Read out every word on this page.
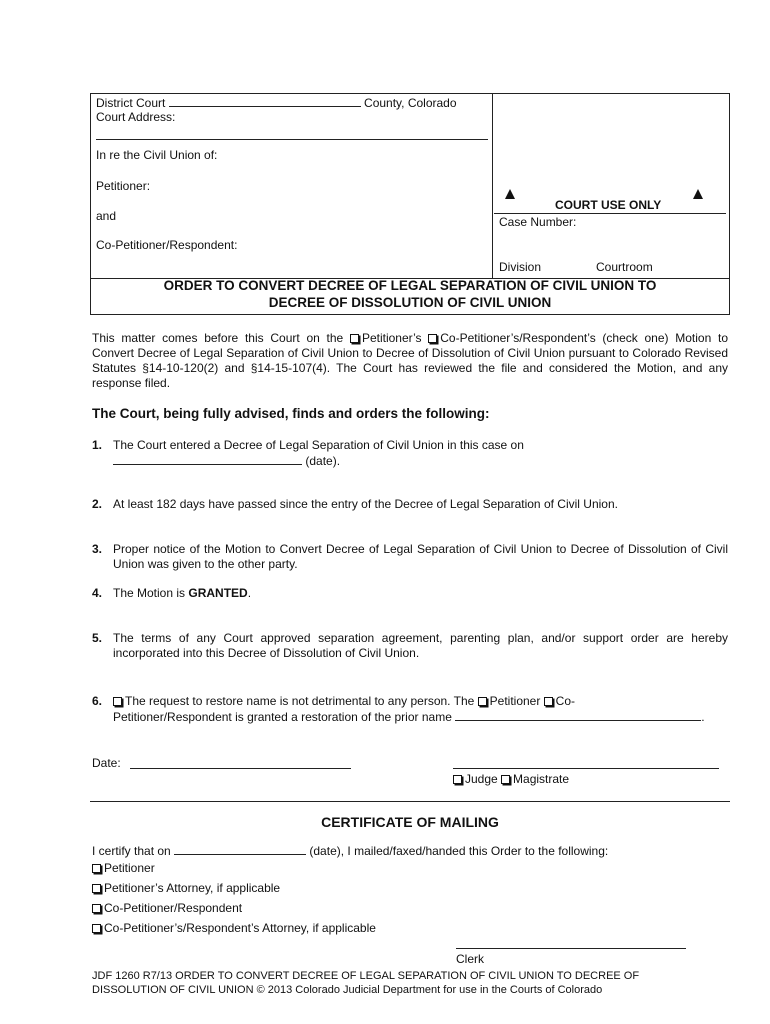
District Court	County, Colorado
Court Address:
In re the Civil Union of:
Petitioner:
and
Co-Petitioner/Respondent:
COURT USE ONLY
Case Number:
Division	Courtroom
ORDER TO CONVERT DECREE OF LEGAL SEPARATION OF CIVIL UNION TO
DECREE OF DISSOLUTION OF CIVIL UNION
This matter comes before this Court on the Petitioner’s Co-Petitioner’s/Respondent’s (check one) Motion to Convert Decree of Legal Separation of Civil Union to Decree of Dissolution of Civil Union pursuant to Colorado Revised Statutes §14-10-120(2) and §14-15-107(4). The Court has reviewed the file and considered the Motion, and any response filed.
The Court, being fully advised, finds and orders the following:
1. The Court entered a Decree of Legal Separation of Civil Union in this case on
(date).
2. At least 182 days have passed since the entry of the Decree of Legal Separation of Civil Union.
3. Proper notice of the Motion to Convert Decree of Legal Separation of Civil Union to Decree of Dissolution of Civil Union was given to the other party.
4. The Motion is GRANTED.
5. The terms of any Court approved separation agreement, parenting plan, and/or support order are hereby incorporated into this Decree of Dissolution of Civil Union.
6.	The request to restore name is not detrimental to any person. The Petitioner Co-
Petitioner/Respondent is granted a restoration of the prior name	.
Date:
Judge Magistrate
CERTIFICATE OF MAILING
I certify that on	(date), I mailed/faxed/handed this Order to the following:
Petitioner
Petitioner’s Attorney, if applicable
Co-Petitioner/Respondent
Co-Petitioner’s/Respondent’s Attorney, if applicable
Clerk
JDF 1260 R7/13 ORDER TO CONVERT DECREE OF LEGAL SEPARATION OF CIVIL UNION TO DECREE OF
DISSOLUTION OF CIVIL UNION © 2013 Colorado Judicial Department for use in the Courts of Colorado
